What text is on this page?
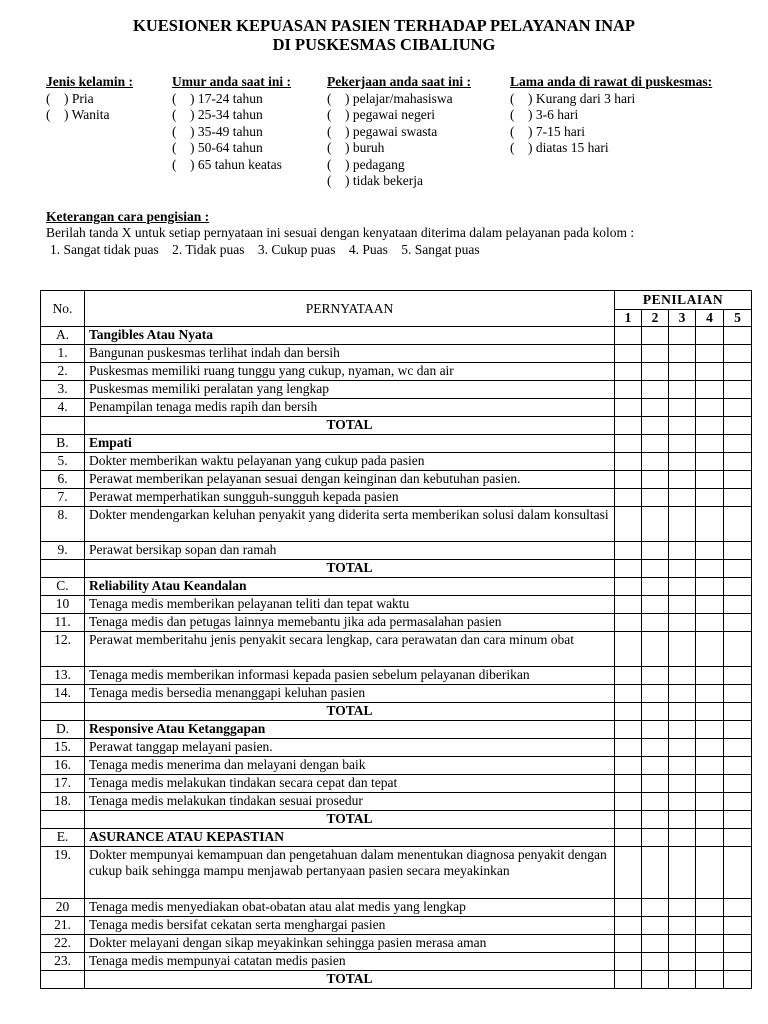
KUESIONER KEPUASAN PASIEN TERHADAP PELAYANAN INAP
DI PUSKESMAS CIBALIUNG
Jenis kelamin :
(    ) Pria
(    ) Wanita
Umur anda saat ini :
(    ) 17-24 tahun
(    ) 25-34 tahun
(    ) 35-49 tahun
(    ) 50-64 tahun
(    ) 65 tahun keatas
Pekerjaan anda saat ini :
(    ) pelajar/mahasiswa
(    ) pegawai negeri
(    ) pegawai swasta
(    ) buruh
(    ) pedagang
(    ) tidak bekerja
Lama anda di rawat di puskesmas:
(    ) Kurang dari 3 hari
(    ) 3-6 hari
(    ) 7-15 hari
(    ) diatas 15 hari
Keterangan cara pengisian :
Berilah tanda X untuk setiap pernyataan ini sesuai dengan kenyataan diterima dalam pelayanan pada kolom :
1. Sangat tidak puas 2. Tidak puas 3. Cukup puas 4. Puas 5. Sangat puas
No.	PERNYATAAN	PENILAIAN				
		1	2	3	4	5
A.	Tangibles Atau Nyata					
1.	Bangunan puskesmas terlihat indah dan bersih					
2.	Puskesmas memiliki ruang tunggu yang cukup, nyaman, wc dan air					
3.	Puskesmas memiliki peralatan yang lengkap					
4.	Penampilan tenaga medis rapih dan bersih					
	TOTAL					
B.	Empati					
5.	Dokter memberikan waktu pelayanan yang cukup pada pasien					
6.	Perawat memberikan pelayanan sesuai dengan keinginan dan kebutuhan pasien.					
7.	Perawat memperhatikan sungguh-sungguh kepada pasien					
8.	Dokter mendengarkan keluhan penyakit yang diderita serta memberikan solusi dalam konsultasi					
9.	Perawat bersikap sopan dan ramah					
	TOTAL					
C.	Reliability Atau Keandalan					
10	Tenaga medis memberikan pelayanan teliti dan tepat waktu					
11.	Tenaga medis dan petugas lainnya memebantu jika ada permasalahan pasien					
12.	Perawat memberitahu jenis penyakit secara lengkap, cara perawatan dan cara minum obat					
13.	Tenaga medis memberikan informasi kepada pasien sebelum pelayanan diberikan					
14.	Tenaga medis bersedia menanggapi keluhan pasien					
	TOTAL					
D.	Responsive Atau Ketanggapan					
15.	Perawat tanggap melayani pasien.					
16.	Tenaga medis menerima dan melayani dengan baik					
17.	Tenaga medis melakukan tindakan secara cepat dan tepat					
18.	Tenaga medis melakukan tindakan sesuai prosedur					
	TOTAL					
E.	ASURANCE ATAU KEPASTIAN					
19.	Dokter mempunyai kemampuan dan pengetahuan dalam menentukan diagnosa penyakit dengan cukup baik sehingga mampu menjawab pertanyaan pasien secara meyakinkan					
20	Tenaga medis menyediakan obat-obatan atau alat medis yang lengkap					
21.	Tenaga medis bersifat cekatan serta menghargai pasien					
22.	Dokter melayani dengan sikap meyakinkan sehingga pasien merasa aman					
23.	Tenaga medis mempunyai catatan medis pasien					
	TOTAL					
